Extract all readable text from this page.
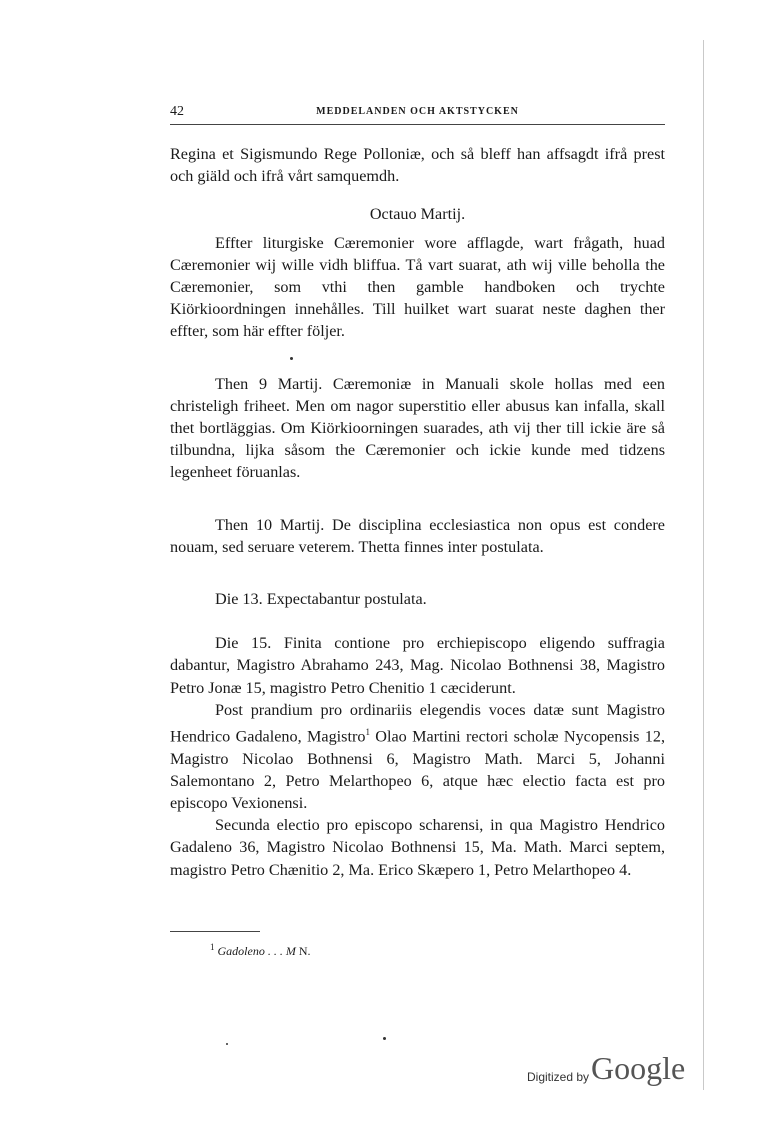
42	MEDDELANDEN OCH AKTSTYCKEN

Regina et Sigismundo Rege Polloniæ, och så bleff han affsagdt ifrå prest och giäld och ifrå vårt samquemdh.

Octauo Martij.

Effter liturgiske Cæremonier wore afflagde, wart frågath, huad Cæremonier wij wille vidh bliffua. Tå vart suarat, ath wij ville beholla the Cæremonier, som vthi then gamble handboken och trychte Kiörkioordningen innehålles. Till huilket wart suarat neste daghen ther effter, som här effter följer.

Then 9 Martij. Cæremoniæ in Manuali skole hollas med een christeligh friheet. Men om nagor superstitio eller abusus kan infalla, skall thet bortläggias. Om Kiörkioorningen suarades, ath vij ther till ickie äre så tilbundna, lijka såsom the Cæremonier och ickie kunde med tidzens legenheet föruanlas.

Then 10 Martij. De disciplina ecclesiastica non opus est condere nouam, sed seruare veterem. Thetta finnes inter postulata.

Die 13. Expectabantur postulata.

Die 15. Finita contione pro erchiepiscopo eligendo suffragia dabantur, Magistro Abrahamo 243, Mag. Nicolao Bothnensi 38, Magistro Petro Jonæ 15, magistro Petro Chenitio 1 cæciderunt.

Post prandium pro ordinariis elegendis voces datæ sunt Magistro Hendrico Gadaleno, Magistro$^1$ Olao Martini rectori scholæ Nycopensis 12, Magistro Nicolao Bothnensi 6, Magistro Math. Marci 5, Johanni Salemontano 2, Petro Melarthopeo 6, atque hæc electio facta est pro episcopo Vexionensi.

Secunda electio pro episcopo scharensi, in qua Magistro Hendrico Gadaleno 36, Magistro Nicolao Bothnensi 15, Ma. Math. Marci septem, magistro Petro Chænitio 2, Ma. Erico Skæpero 1, Petro Melarthopeo 4.

$^1$ Gadoleno . . . M N.
Digitized by Google
